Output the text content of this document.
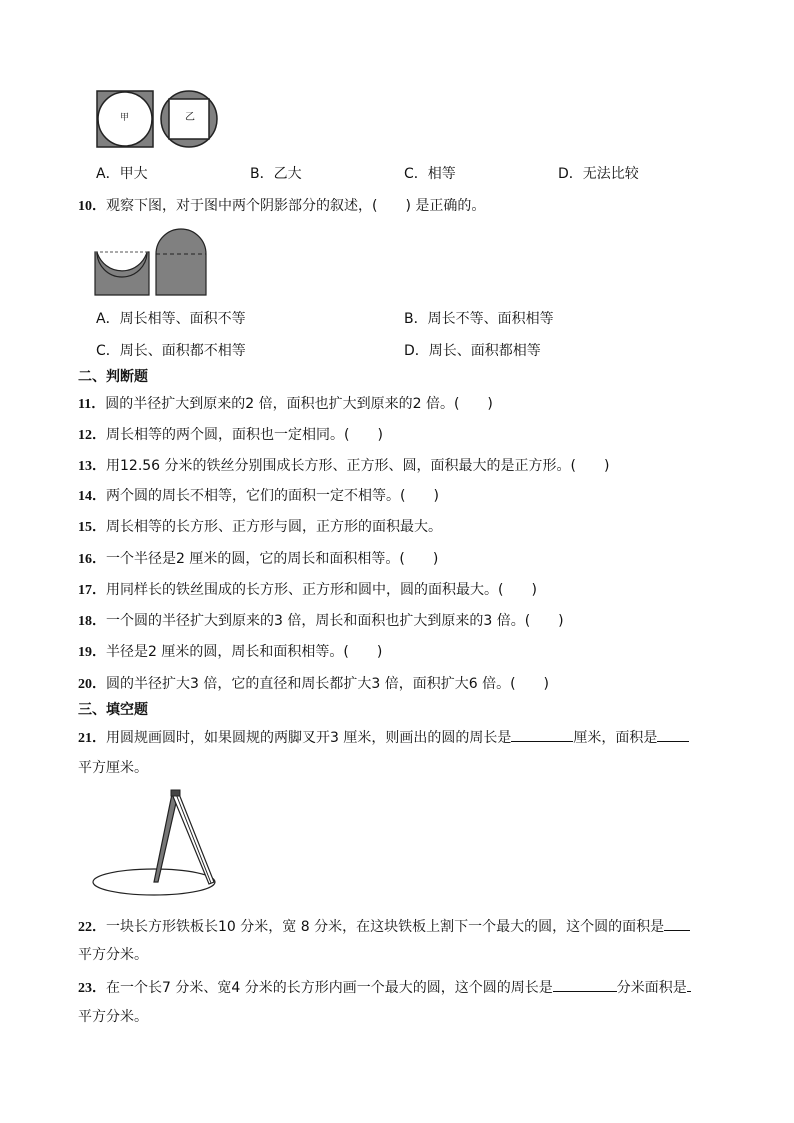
甲	乙
A．甲大	B．乙大	C．相等	D．无法比较
10．观察下图，对于图中两个阴影部分的叙述，(　　) 是正确的。
A．周长相等、面积不等	B．周长不等、面积相等
C．周长、面积都不相等	D．周长、面积都相等
二、判断题
11．圆的半径扩大到原来的2 倍，面积也扩大到原来的2 倍。(　　)
12．周长相等的两个圆，面积也一定相同。(　　)
13．用12.56 分米的铁丝分别围成长方形、正方形、圆，面积最大的是正方形。(　　)
14．两个圆的周长不相等，它们的面积一定不相等。(　　)
15．周长相等的长方形、正方形与圆，正方形的面积最大。
16．一个半径是2 厘米的圆，它的周长和面积相等。(　　)
17．用同样长的铁丝围成的长方形、正方形和圆中，圆的面积最大。(　　)
18．一个圆的半径扩大到原来的3 倍，周长和面积也扩大到原来的3 倍。(　　)
19．半径是2 厘米的圆，周长和面积相等。(　　)
20．圆的半径扩大3 倍，它的直径和周长都扩大3 倍，面积扩大6 倍。(　　)
三、填空题
21．用圆规画圆时，如果圆规的两脚叉开3 厘米，则画出的圆的周长是	厘米，面积是
平方厘米。
22．一块长方形铁板长10 分米，宽 8 分米，在这块铁板上割下一个最大的圆，这个圆的面积是
平方分米。
23．在一个长7 分米、宽4 分米的长方形内画一个最大的圆，这个圆的周长是	分米面积是
平方分米。
